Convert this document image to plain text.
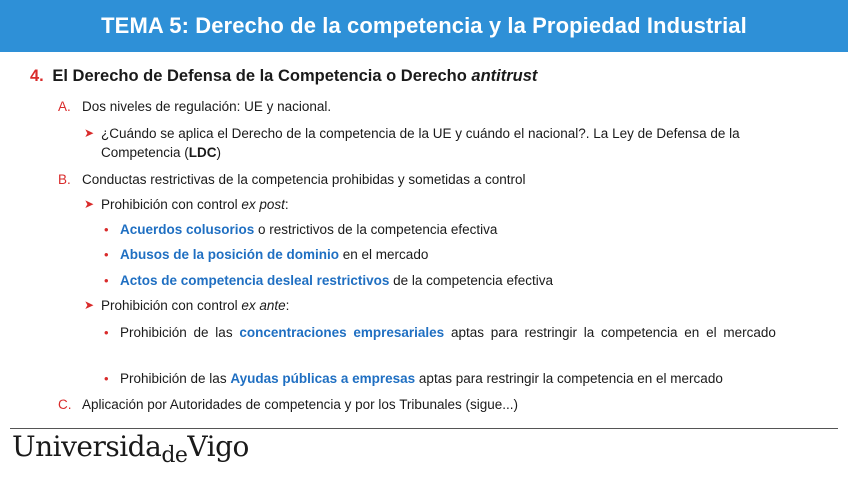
TEMA 5: Derecho de la competencia y la Propiedad Industrial
4. El Derecho de Defensa de la Competencia o Derecho antitrust
A. Dos niveles de regulación: UE y nacional.
➤ ¿Cuándo se aplica el Derecho de la competencia de la UE y cuándo el nacional?. La Ley de Defensa de la Competencia (LDC)
B. Conductas restrictivas de la competencia prohibidas y sometidas a control
➤ Prohibición con control ex post:
• Acuerdos colusorios o restrictivos de la competencia efectiva
• Abusos de la posición de dominio en el mercado
• Actos de competencia desleal restrictivos de la competencia efectiva
➤ Prohibición con control ex ante:
• Prohibición de las concentraciones empresariales aptas para restringir la competencia en el mercado
• Prohibición de las Ayudas públicas a empresas aptas para restringir la competencia en el mercado
C. Aplicación por Autoridades de competencia y por los Tribunales (sigue...)
Universida$_{de}$Vigo
